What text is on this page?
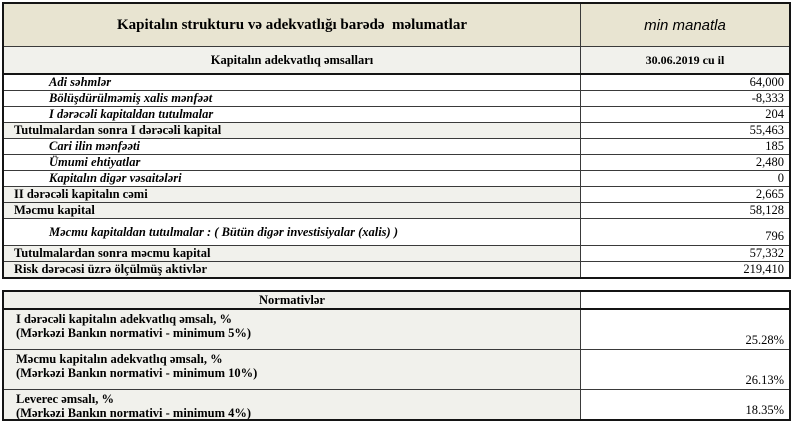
Kapitalın strukturu və adekvatlığı barədə  məlumatlar	min manatla
Kapitalın adekvatlıq əmsalları	30.06.2019 cu il
Adi səhmlər	64,000
Bölüşdürülməmiş xalis mənfəət	-8,333
I dərəcəli kapitaldan tutulmalar	204
Tutulmalardan sonra I dərəcəli kapital	55,463
Cari ilin mənfəəti	185
Ümumi ehtiyatlar	2,480
Kapitalın digər vəsaitələri	0
II dərəcəli kapitalın cəmi	2,665
Məcmu kapital	58,128
Məcmu kapitaldan tutulmalar : ( Bütün digər investisiyalar (xalis) )	796
Tutulmalardan sonra məcmu kapital	57,332
Risk dərəcəsi üzrə ölçülmüş aktivlər	219,410
Normativlər
I dərəcəli kapitalın adekvatlıq əmsalı, %
(Mərkəzi Bankın normativi - minimum 5%)	25.28%
Məcmu kapitalın adekvatlıq əmsalı, %
(Mərkəzi Bankın normativi - minimum 10%)	26.13%
Leverec əmsalı, %
(Mərkəzi Bankın normativi - minimum 4%)	18.35%
